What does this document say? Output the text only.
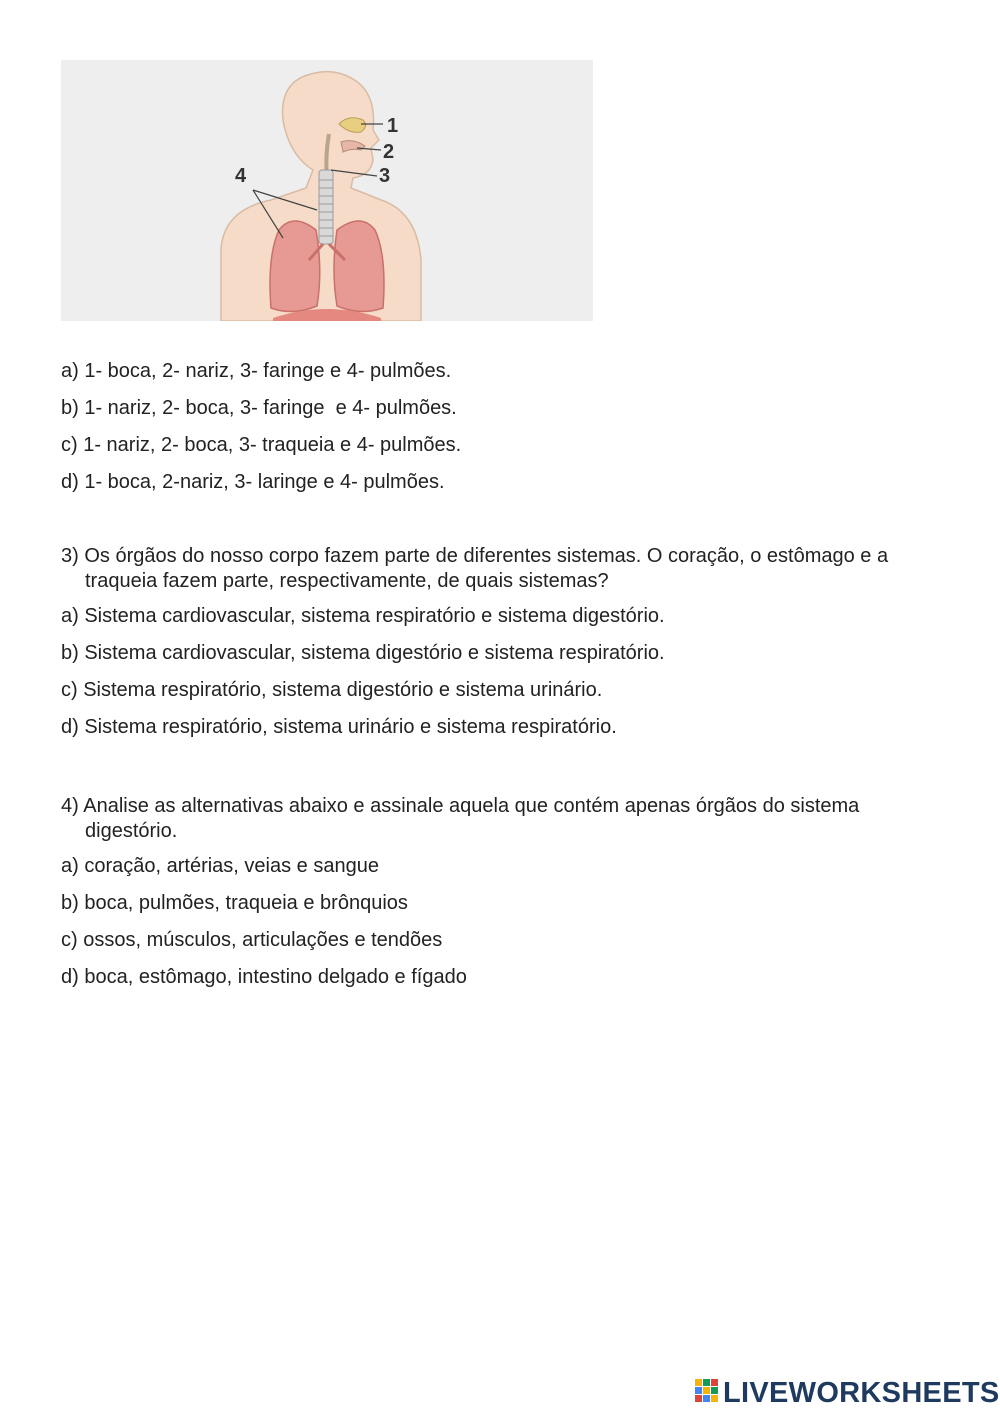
1
2
3
4
a) 1- boca, 2- nariz, 3- faringe e 4- pulmões.
b) 1- nariz, 2- boca, 3- faringe  e 4- pulmões.
c) 1- nariz, 2- boca, 3- traqueia e 4- pulmões.
d) 1- boca, 2-nariz, 3- laringe e 4- pulmões.
3) Os órgãos do nosso corpo fazem parte de diferentes sistemas. O coração, o estômago e a traqueia fazem parte, respectivamente, de quais sistemas?
a) Sistema cardiovascular, sistema respiratório e sistema digestório.
b) Sistema cardiovascular, sistema digestório e sistema respiratório.
c) Sistema respiratório, sistema digestório e sistema urinário.
d) Sistema respiratório, sistema urinário e sistema respiratório.
4) Analise as alternativas abaixo e assinale aquela que contém apenas órgãos do sistema digestório.
a) coração, artérias, veias e sangue
b) boca, pulmões, traqueia e brônquios
c) ossos, músculos, articulações e tendões
d) boca, estômago, intestino delgado e fígado
LIVEWORKSHEETS
